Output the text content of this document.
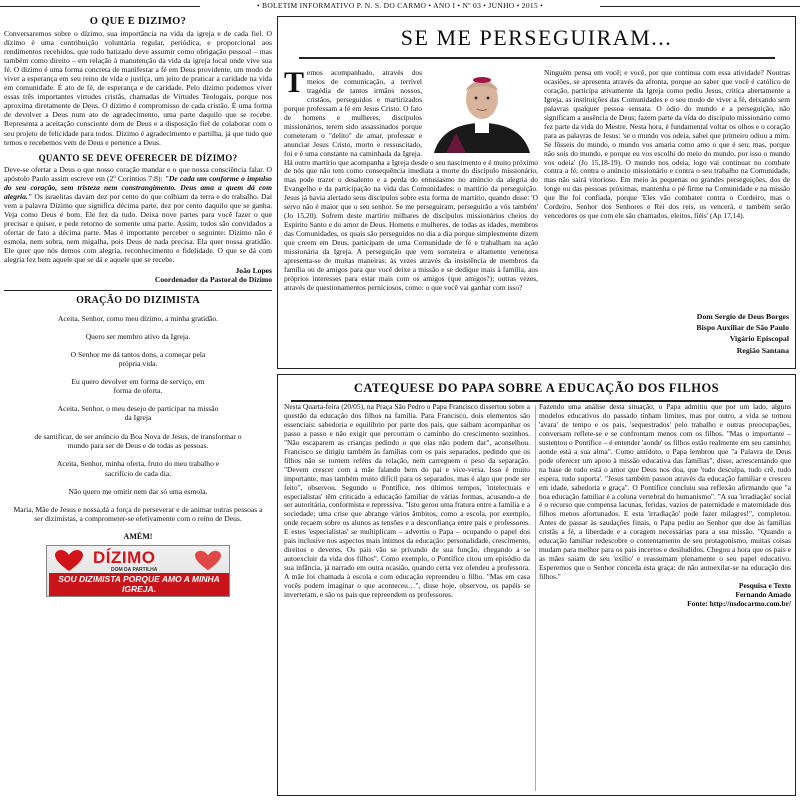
• BOLETIM INFORMATIVO P. N. S. DO CARMO • ANO I • Nº 03 • JUNHO • 2015 •
O QUE É DÍZIMO?
Conversaremos sobre o dízimo, sua importância na vida da igreja e de cada fiel. O dízimo é uma contribuição voluntária regular, periódica, e proporcional aos rendimentos recebidos, que todo batizado deve assumir como obrigação pessoal – mas também como direito – em relação à manutenção da vida da igreja local onde vive sua fé. O dízimo é uma forma concreta de manifestar a fé em Deus providente, um modo de viver a esperança em seu reino de vida e justiça, um jeito de praticar a caridade na vida em comunidade. É ato de fé, de esperança e de caridade. Pelo dízimo podemos viver essas três importantes virtudes cristãs, chamadas de Virtudes Teologais, porque nos aproxima diretamente de Deus. O dízimo é compromisso de cada cristão. É uma forma de devolver a Deus num ato de agradecimento, uma parte daquilo que se recebe. Representa a aceitação consciente dom de Deus e a disposição fiel de colaborar com o seu projeto de felicidade para todos. Dízimo é agradecimento e partilha, já que tudo que temos e recebemos vem de Deus e pertence a Deus.
QUANTO SE DEVE OFERECER DE DÍZIMO?
Deve-se ofertar a Deus o que nosso coração mandar e o que nossa consciência falar. O apóstolo Paulo assim escreve em (2º Coríntios 7:8): "De cada um conforme o impulso do seu coração, sem tristeza nem constrangimento. Deus ama a quem dá com alegria." Os israelitas davam dez por cento do que colhiam da terra e do trabalho. Daí vem a palavra Dízimo que significa décima parte, dez por cento daquilo que se ganha. Veja como Deus é bom. Ele fez da tudo. Deixa nove partes para você fazer o que precisar e quiser, e pede retorno de somente uma parte. Assim, todos são convidados a ofertar de fato a décima parte. Mas é importante perceber o seguinte: Dízimo não é esmola, nem sobra, nem migalha, pois Deus de nada precisa. Ela quer nossa gratidão. Ele quer que nós demos com alegria, reconhecimento e fidelidade. O que se dá com alegria fez bem aquele que se dá e aquele que se recebe.
João Lopes
Coordenador da Pastoral do Dízimo
ORAÇÃO DO DIZIMISTA

Aceita, Senhor, como meu dízimo, a minha gratidão.

Quero ser membro ativo da Igreja.

O Senhor me dá tantos dons, a começar pela própria vida.

Eu quero devolver em forma de serviço, em forma de oferta.

Aceita, Senhor, o meu desejo de participar na missão da Igreja

de santificar, de ser anúncio da Boa Nova de Jesus, de transformar o mundo para ser de Deus e de todas as pessoas.

Aceita, Senhor, minha oferta, fruto do meu trabalho e sacrifício de cada dia.

Não quero me omitir nem dar só uma esmola.

Maria, Mãe de Jesus e nossa,dá a força de perseverar e de animar outras pessoas a ser dizimistas, a comprometer-se efetivamente com o reino de Deus.

AMÉM!
DÍZIMO
DOM DA PARTILHA
SOU DIZIMISTA PORQUE AMO A MINHA IGREJA.
SE ME PERSEGUIRAM...
Temos acompanhado, através dos meios de comunicação, a terrível tragédia de tantos irmãos nossos, cristãos, perseguidos e martirizados porque professam a fé em Jesus Cristo. O fato de homens e mulheres, discípulos missionários, terem sido assassinados porque cometeram o "delito" de amar, professar e anunciar Jesus Cristo, morto e ressuscitado, foi e é uma constante na caminhada da Igreja. Há outro martírio que acompanha a Igreja desde o seu nascimento e é muito próximo de nós que não tem como consequência imediata a morte do discípulo missionário, mas pode trazer o desalento e a perda do entusiasmo no anúncio da alegria do Evangelho e da participação na vida das Comunidades: o martírio da perseguição. Jesus já havia alertado seus discípulos sobre esta forma de martírio, quando disse: 'O servo não é maior que o seu senhor. Se me perseguiram, perseguirão a vós também' (Jo 15,20). Sofrem deste martírio milhares de discípulos missionários cheios do Espírito Santo e do amor de Deus. Homens e mulheres, de todas as idades, membros das Comunidades, os quais são perseguidos no dia a dia porque simplesmente dizem que creem em Deus, participam de uma Comunidade de fé e trabalham na ação missionária da Igreja. A perseguição que vem sorrateira e altamente venenosa apresenta-se de muitas maneiras: às vezes através da insistência de membros da família ou de amigos para que você deixe a missão e se dedique mais à família, aos próprios interesses para estar mais com os amigos (que amigos?); outras vezes, através de questionamentos perniciosos, como: o que você vai ganhar com isso?
Ninguém pensa em você; e você, por que continua com essa atividade? Noutras ocasiões, se apresenta através da afronta, porque ao saber que você é católico de coração, participa ativamente da Igreja como pediu Jesus, critica abertamente a Igreja, as instituições das Comunidades e o seu modo de viver a fé, deixando sem palavras qualquer pessoa sensata. O ódio do mundo e a perseguição, não significam a ausência de Deus; fazem parte da vida do discípulo missionário como fez parte da vida do Mestre. Nesta hora, é fundamental voltar os olhos e o coração para as palavras de Jesus: 'se o mundo vos odeia, sabei que primeiro odiou a mim. Se fôsseis do mundo, o mundo vos amaria como amo o que é seu; mas, porque não sois do mundo, e porque eu vos escolhi do meio do mundo, por isso o mundo vos odeia' (Jo 15,18-19). O mundo nos odeia, logo vai continuar no combate contra a fé, contra o anúncio missionário e contra o seu trabalho na Comunidade, mas não sairá vitorioso. Em meio às pequenas ou grandes perseguições, dos de longe ou das pessoas próximas, mantenha o pé firme na Comunidade e na missão que lhe foi confiada, porque 'Eles vão combater contra o Cordeiro, mas o Cordeiro, Senhor dos Senhores e Rei dos reis, os vencerá, e também serão vencedores os que com ele são chamados, eleitos, fiéis' (Ap 17,14).
Dom Sergio de Deus Borges
Bispo Auxiliar de São Paulo
Vigário Episcopal
Região Santana
CATEQUESE DO PAPA SOBRE A EDUCAÇÃO DOS FILHOS
Nesta Quarta-feira (20/05), na Praça São Pedro o Papa Francisco dissertou sobre a questão da educação dos filhos na família. Para Francisco, dois elementos são essenciais: sabedoria e equilíbrio por parte dos pais, que saibam acompanhar os passo a passo e não exigir que percorram o caminho do crescimento sozinhos. "Não escaparem as crianças pedindo o que elas não podem dar", aconselhou. Francisco se dirigiu também às famílias com os pais separados, pedindo que os filhos não se tornem reféns da relação, nem carreguem o peso da separação. "Devem crescer com a mãe falando bem do pai e vice-versa. Isso é muito importante, mas também muito difícil para os separados, mas é algo que pode ser feito", observou. Segundo o Pontífice, nos últimos tempos, 'intelectuais e especialistas' têm criticado a educação familiar de várias formas, acusando-a de ser autoritária, conformista e repressiva. "Isto gerou uma fratura entre a família e a sociedade; uma crise que abrange vários âmbitos, como a escola, por exemplo, onde recaem sobre os alunos as tensões e a desconfiança entre pais e professores. E estes 'especialistas' se multiplicam – advertiu o Papa – ocupando o papel dos pais inclusive nos aspectos mais íntimos da educação: personalidade, crescimento, direitos e deveres. Os pais vão se privando de sua função, chegando a se autoexcluir da vida dos filhos". Como exemplo, o Pontífice citou um episódio da sua infância, já narrado em outra ocasião, quando certa vez ofendeu a professora. A mãe foi chamada à escola e com educação repreendeu o filho. "Mas em casa vocês podem imaginar o que aconteceu…", disse hoje, observou, os papéis se inverteram, e são os pais que repreendem os professores.
Fazendo uma análise desta situação, o Papa admitiu que por um lado, alguns modelos educativos do passado tinham limites, mas por outro, a vida se tornou 'avara' de tempo e os pais, 'sequestrados' pelo trabalho e outras preocupações, conversam reflete-se e se confrontam menos com os filhos. "Mas o importante – sustentou o Pontífice – é entender 'aonde' os filhos estão realmente em seu caminho; aonde está a sua alma". Como antídoto, o Papa lembrou que "a Palavra de Deus pode oferecer um apoio à missão educativa das famílias", disse, acrescentando que na base de tudo está o amor que Deus nos doa, que 'tudo desculpa, tudo crê, tudo espera, tudo suporta'. "Jesus também passou através da educação familiar e cresceu em idade, sabedoria e graça". O Pontífice concluiu sua reflexão afirmando que "a boa educação familiar é a coluna vertebral do humanismo". "A sua 'irradiação' social é o recurso que compensa lacunas, feridas, vazios de paternidade e maternidade dos filhos menos afortunados. E esta 'irradiação' pode fazer milagres!", completou. Antes de passar às saudações finais, o Papa pediu ao Senhor que doe às famílias cristãs a fé, a liberdade e a coragem necessárias para a sua missão. "Quando a educação familiar redescobre o contentamento de seu protagonismo, muitas coisas mudam para melhor para os pais incertos e desiludidos. Chegou a hora que os pais e as mães saiam de seu 'exílio' e reassumam plenamente o seu papel educativo. Esperemos que o Senhor conceda esta graça: de não autoexilar-se na educação dos filhos."
Pesquisa e Texto
Fernando Amado
Fonte: http://nsdocarmo.com.br/
